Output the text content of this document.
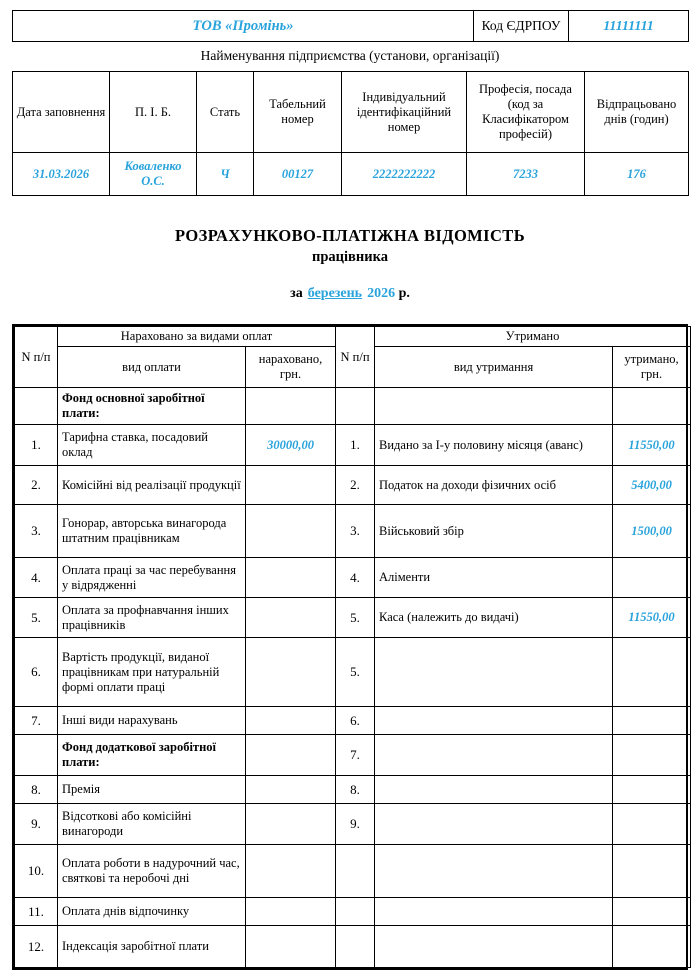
ТОВ «Промінь»	Код ЄДРПОУ	11111111
Найменування підприємства (установи, організації)
Дата заповнення	П. І. Б.	Стать	Табельний номер	Індивідуальний ідентифікаційний номер	Професія, посада (код за Класифікатором професій)	Відпрацьовано днів (годин)
31.03.2026	Коваленко О.С.	Ч	00127	2222222222	7233	176
РОЗРАХУНКОВО-ПЛАТІЖНА ВІДОМІСТЬ
працівника
за березень 2026 р.
N п/п	Нараховано за видами оплат		N п/п	Утримано	
	вид оплати	нараховано, грн.		вид утримання	утримано, грн.
	Фонд основної заробітної плати:				
1.	Тарифна ставка, посадовий оклад	30000,00	1.	Видано за I-у половину місяця (аванс)	11550,00
2.	Комісійні від реалізації продукції		2.	Податок на доходи фізичних осіб	5400,00
3.	Гонорар, авторська винагорода штатним працівникам		3.	Військовий збір	1500,00
4.	Оплата праці за час перебування у відрядженні		4.	Аліменти	
5.	Оплата за профнавчання інших працівників		5.	Каса (належить до видачі)	11550,00
6.	Вартість продукції, виданої працівникам при натуральній формі оплати праці		5.		
7.	Інші види нарахувань		6.		
	Фонд додаткової заробітної плати:		7.		
8.	Премія		8.		
9.	Відсоткові або комісійні винагороди		9.		
10.	Оплата роботи в надурочний час, святкові та неробочі дні				
11.	Оплата днів відпочинку				
12.	Індексація заробітної плати				
